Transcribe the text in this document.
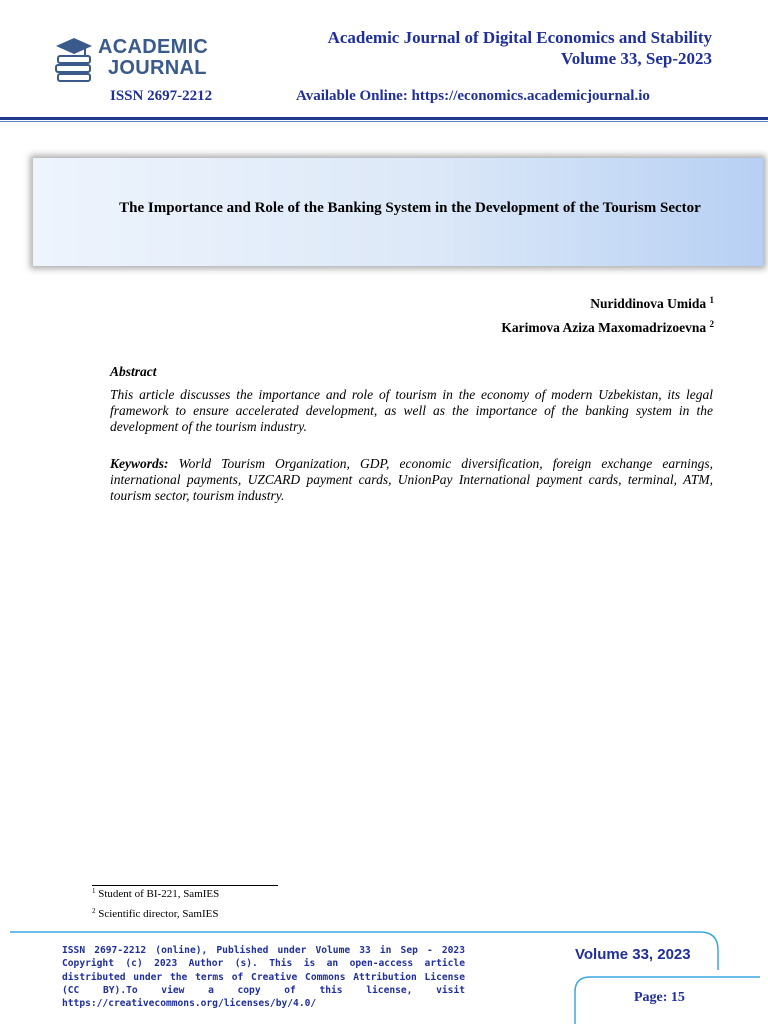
ACADEMIC
JOURNAL
Academic Journal of Digital Economics and Stability
Volume 33, Sep-2023
ISSN 2697-2212	Available Online: https://economics.academicjournal.io
The Importance and Role of the Banking System in the Development of the Tourism Sector
Nuriddinova Umida $^1$
Karimova Aziza Maxomadrizoevna $^2$
Abstract
This article discusses the importance and role of tourism in the economy of modern Uzbekistan, its legal framework to ensure accelerated development, as well as the importance of the banking system in the development of the tourism industry.
Keywords: World Tourism Organization, GDP, economic diversification, foreign exchange earnings, international payments, UZCARD payment cards, UnionPay International payment cards, terminal, ATM, tourism sector, tourism industry.
$^1$ Student of BI-221, SamIES
$^2$ Scientific director, SamIES
ISSN 2697-2212 (online), Published under Volume 33 in Sep - 2023 Copyright (c) 2023 Author (s). This is an open-access article distributed under the terms of Creative Commons Attribution License (CC BY).To view a copy of this license, visit https://creativecommons.org/licenses/by/4.0/
Volume 33, 2023
Page: 15
